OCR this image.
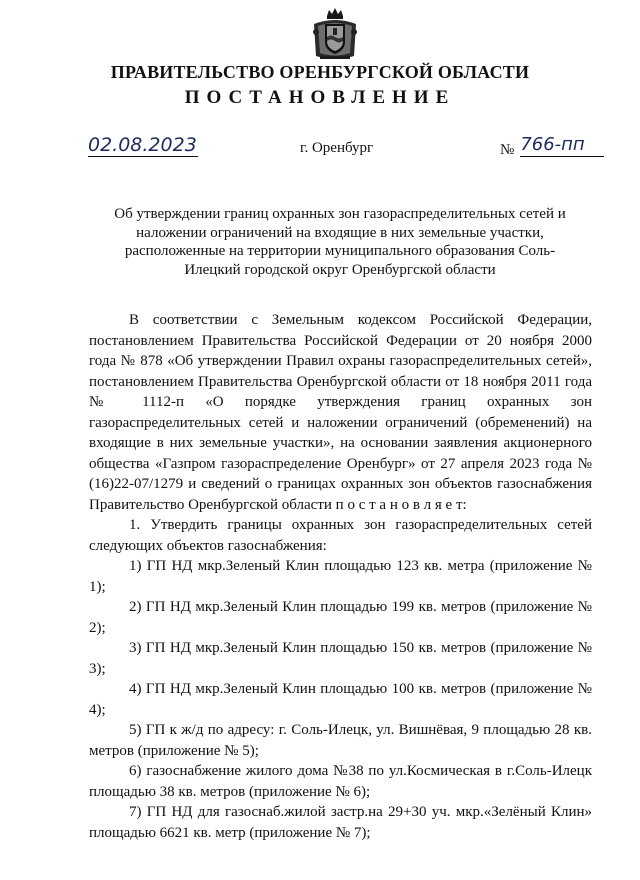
ПРАВИТЕЛЬСТВО ОРЕНБУРГСКОЙ ОБЛАСТИ
ПОСТАНОВЛЕНИЕ
02.08.2023	г. Оренбург	№ 766-пп
Об утверждении границ охранных зон газораспределительных сетей и наложении ограничений на входящие в них земельные участки, расположенные на территории муниципального образования Соль-Илецкий городской округ Оренбургской области

В соответствии с Земельным кодексом Российской Федерации, постановлением Правительства Российской Федерации от 20 ноября 2000 года № 878 «Об утверждении Правил охраны газораспределительных сетей», постановлением Правительства Оренбургской области от 18 ноября 2011 года № 1112-п «О порядке утверждения границ охранных зон газораспределительных сетей и наложении ограничений (обременений) на входящие в них земельные участки», на основании заявления акционерного общества «Газпром газораспределение Оренбург» от 27 апреля 2023 года № (16)22-07/1279 и сведений о границах охранных зон объектов газоснабжения Правительство Оренбургской области п о с т а н о в л я е т:

1. Утвердить границы охранных зон газораспределительных сетей следующих объектов газоснабжения:

1) ГП НД мкр.Зеленый Клин площадью 123 кв. метра (приложение № 1);

2) ГП НД мкр.Зеленый Клин площадью 199 кв. метров (приложение № 2);

3) ГП НД мкр.Зеленый Клин площадью 150 кв. метров (приложение № 3);

4) ГП НД мкр.Зеленый Клин площадью 100 кв. метров (приложение № 4);

5) ГП к ж/д по адресу: г. Соль-Илецк, ул. Вишнёвая, 9 площадью 28 кв. метров (приложение № 5);

6) газоснабжение жилого дома №38 по ул.Космическая в г.Соль-Илецк площадью 38 кв. метров (приложение № 6);

7) ГП НД для газоснаб.жилой застр.на 29+30 уч. мкр.«Зелёный Клин» площадью 6621 кв. метр (приложение № 7);
